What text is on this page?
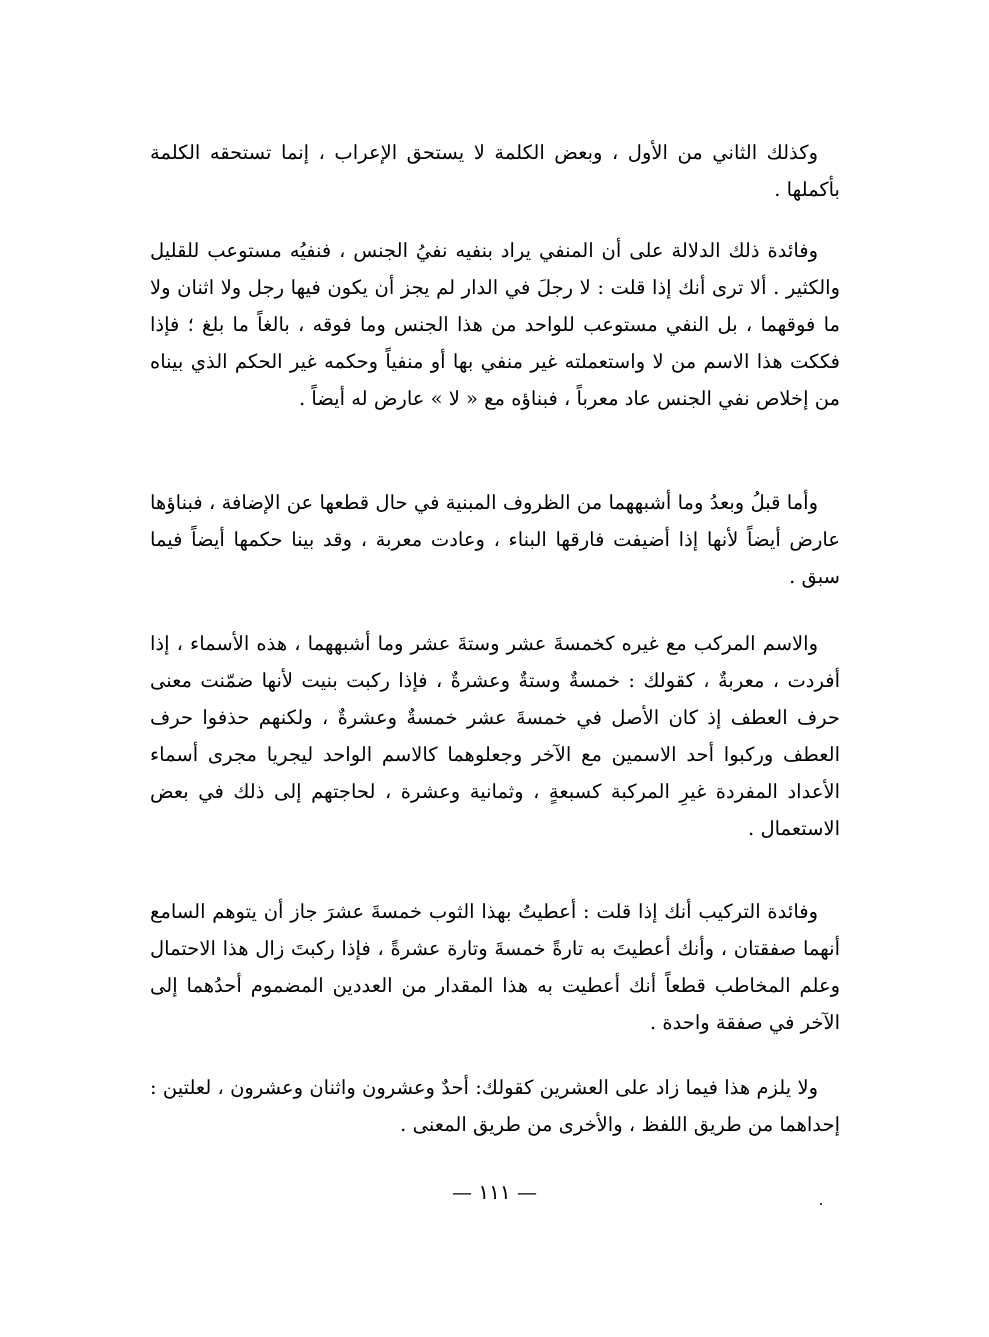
وكذلك الثاني من الأول ، وبعض الكلمة لا يستحق الإعراب ، إنما تستحقه الكلمة بأكملها .

وفائدة ذلك الدلالة على أن المنفي يراد بنفيه نفيُ الجنس ، فنفيُه مستوعب للقليل والكثير . ألا ترى أنك إذا قلت : لا رجلَ في الدار لم يجز أن يكون فيها رجل ولا اثنان ولا ما فوقهما ، بل النفي مستوعب للواحد من هذا الجنس وما فوقه ، بالغاً ما بلغ ؛ فإذا فككت هذا الاسم من لا واستعملته غير منفي بها أو منفياً وحكمه غير الحكم الذي بيناه من إخلاص نفي الجنس عاد معرباً ، فبناؤه مع « لا » عارض له أيضاً .

وأما قبلُ وبعدُ وما أشبههما من الظروف المبنية في حال قطعها عن الإضافة ، فبناؤها عارض أيضاً لأنها إذا أضيفت فارقها البناء ، وعادت معربة ، وقد بينا حكمها أيضاً فيما سبق .

والاسم المركب مع غيره كخمسةَ عشر وستةَ عشر وما أشبههما ، هذه الأسماء ، إذا أفردت ، معربةٌ ، كقولك : خمسةٌ وستةٌ وعشرةٌ ، فإذا ركبت بنيت لأنها ضمّنت معنى حرف العطف إذ كان الأصل في خمسةَ عشر خمسةٌ وعشرةٌ ، ولكنهم حذفوا حرف العطف وركبوا أحد الاسمين مع الآخر وجعلوهما كالاسم الواحد ليجريا مجرى أسماء الأعداد المفردة غيرِ المركبة كسبعةٍ ، وثمانية وعشرة ، لحاجتهم إلى ذلك في بعض الاستعمال .

وفائدة التركيب أنك إذا قلت : أعطيتُ بهذا الثوب خمسةَ عشرَ جاز أن يتوهم السامع أنهما صفقتان ، وأنك أعطيتَ به تارةً خمسةَ وتارة عشرةً ، فإذا ركبتَ زال هذا الاحتمال وعلم المخاطب قطعاً أنك أعطيت به هذا المقدار من العددين المضموم أحدُهما إلى الآخر في صفقة واحدة .

ولا يلزم هذا فيما زاد على العشرين كقولك: أحدٌ وعشرون واثنان وعشرون ، لعلتين : إحداهما من طريق اللفظ ، والأخرى من طريق المعنى .

— ١١١ —
